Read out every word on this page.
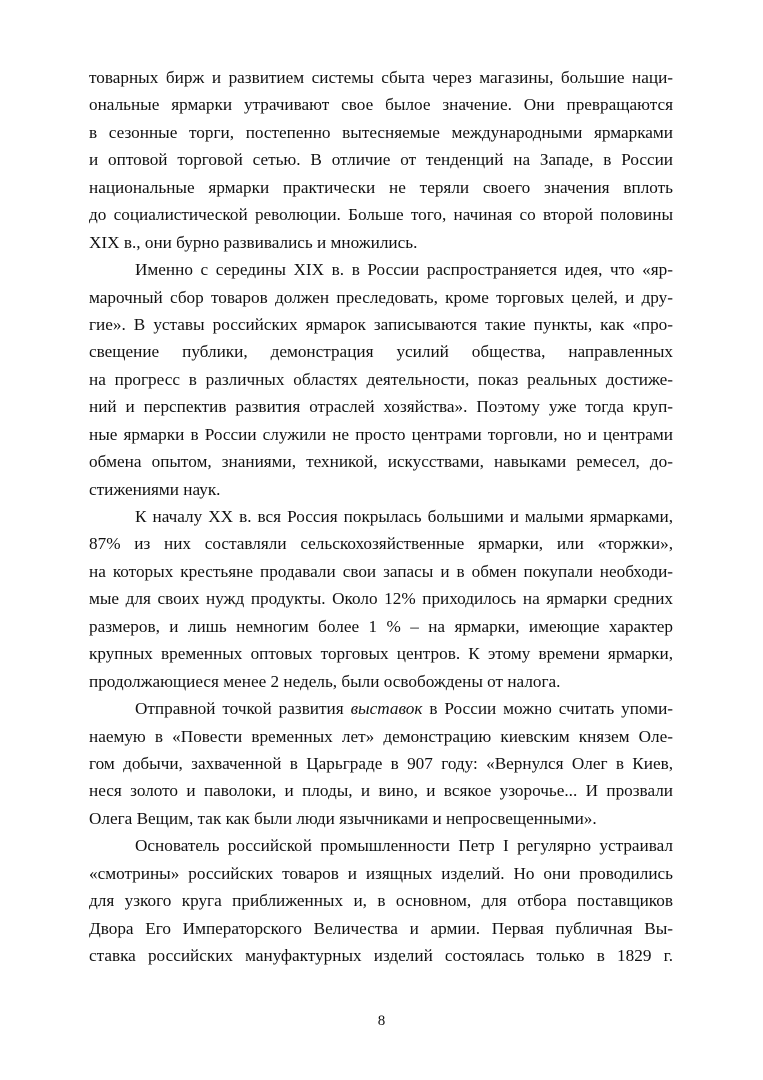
товарных бирж и развитием системы сбыта через магазины, большие наци-
ональные ярмарки утрачивают свое былое значение. Они превращаются
в сезонные торги, постепенно вытесняемые международными ярмарками
и оптовой торговой сетью. В отличие от тенденций на Западе, в России
национальные ярмарки практически не теряли своего значения вплоть
до социалистической революции. Больше того, начиная со второй половины
XIX в., они бурно развивались и множились.
Именно с середины XIX в. в России распространяется идея, что «яр-
марочный сбор товаров должен преследовать, кроме торговых целей, и дру-
гие». В уставы российских ярмарок записываются такие пункты, как «про-
свещение публики, демонстрация усилий общества, направленных
на прогресс в различных областях деятельности, показ реальных достиже-
ний и перспектив развития отраслей хозяйства». Поэтому уже тогда круп-
ные ярмарки в России служили не просто центрами торговли, но и центрами
обмена опытом, знаниями, техникой, искусствами, навыками ремесел, до-
стижениями наук.
К началу XX в. вся Россия покрылась большими и малыми ярмарками,
87% из них составляли сельскохозяйственные ярмарки, или «торжки»,
на которых крестьяне продавали свои запасы и в обмен покупали необходи-
мые для своих нужд продукты. Около 12% приходилось на ярмарки средних
размеров, и лишь немногим более 1 % – на ярмарки, имеющие характер
крупных временных оптовых торговых центров. К этому времени ярмарки,
продолжающиеся менее 2 недель, были освобождены от налога.
Отправной точкой развития выставок в России можно считать упоми-
наемую в «Повести временных лет» демонстрацию киевским князем Оле-
гом добычи, захваченной в Царьграде в 907 году: «Вернулся Олег в Киев,
неся золото и паволоки, и плоды, и вино, и всякое узорочье... И прозвали
Олега Вещим, так как были люди язычниками и непросвещенными».
Основатель российской промышленности Петр I регулярно устраивал
«смотрины» российских товаров и изящных изделий. Но они проводились
для узкого круга приближенных и, в основном, для отбора поставщиков
Двора Его Императорского Величества и армии. Первая публичная Вы-
ставка российских мануфактурных изделий состоялась только в 1829 г.
8
